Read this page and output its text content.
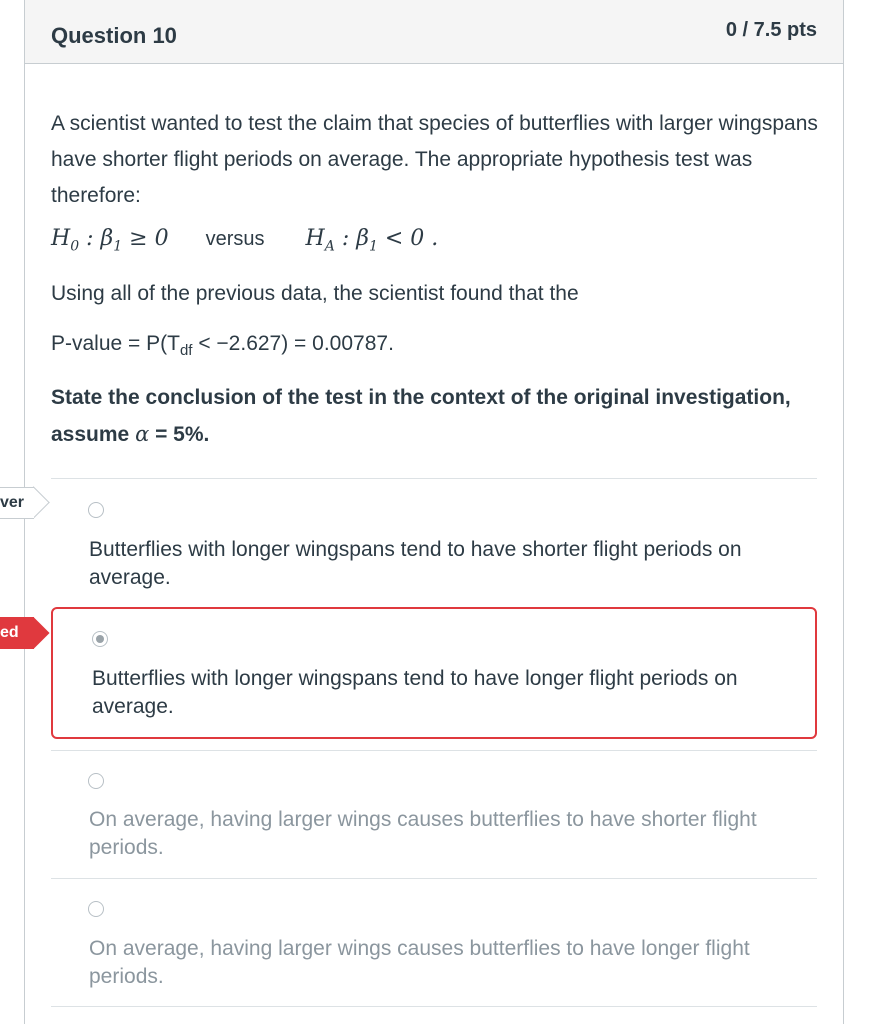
Question 10	0 / 7.5 pts
A scientist wanted to test the claim that species of butterflies with larger wingspans have shorter flight periods on average. The appropriate hypothesis test was therefore:
$H_0$ : $\beta_1 \ge 0$ versus $H_A$ : $\beta_1 < 0$ .
Using all of the previous data, the scientist found that the
P-value = $P(T_{df} < -2.627) = 0.00787$.
State the conclusion of the test in the context of the original investigation, assume α = 5%.
Butterflies with longer wingspans tend to have shorter flight periods on average.
Butterflies with longer wingspans tend to have longer flight periods on average.
On average, having larger wings causes butterflies to have shorter flight periods.
On average, having larger wings causes butterflies to have longer flight periods.
ver
ed
